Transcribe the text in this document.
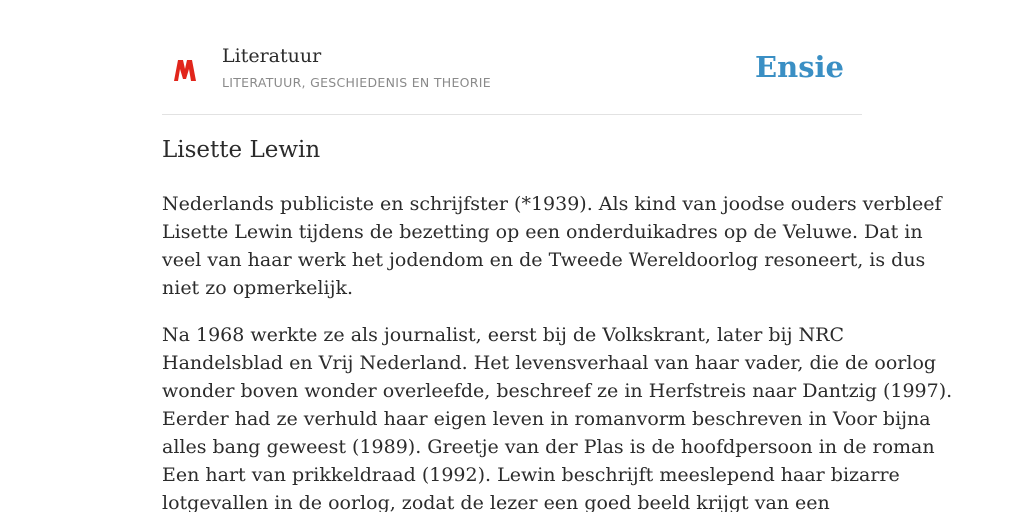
Literatuur
LITERATUUR, GESCHIEDENIS EN THEORIE	Ensie
Lisette Lewin
Nederlands publiciste en schrijfster (*1939). Als kind van joodse ouders verbleef
Lisette Lewin tijdens de bezetting op een onderduikadres op de Veluwe. Dat in
veel van haar werk het jodendom en de Tweede Wereldoorlog resoneert, is dus
niet zo opmerkelijk.
Na 1968 werkte ze als journalist, eerst bij de Volkskrant, later bij NRC
Handelsblad en Vrij Nederland. Het levensverhaal van haar vader, die de oorlog
wonder boven wonder overleefde, beschreef ze in Herfstreis naar Dantzig (1997).
Eerder had ze verhuld haar eigen leven in romanvorm beschreven in Voor bijna
alles bang geweest (1989). Greetje van der Plas is de hoofdpersoon in de roman
Een hart van prikkeldraad (1992). Lewin beschrijft meeslepend haar bizarre
lotgevallen in de oorlog, zodat de lezer een goed beeld krijgt van een
